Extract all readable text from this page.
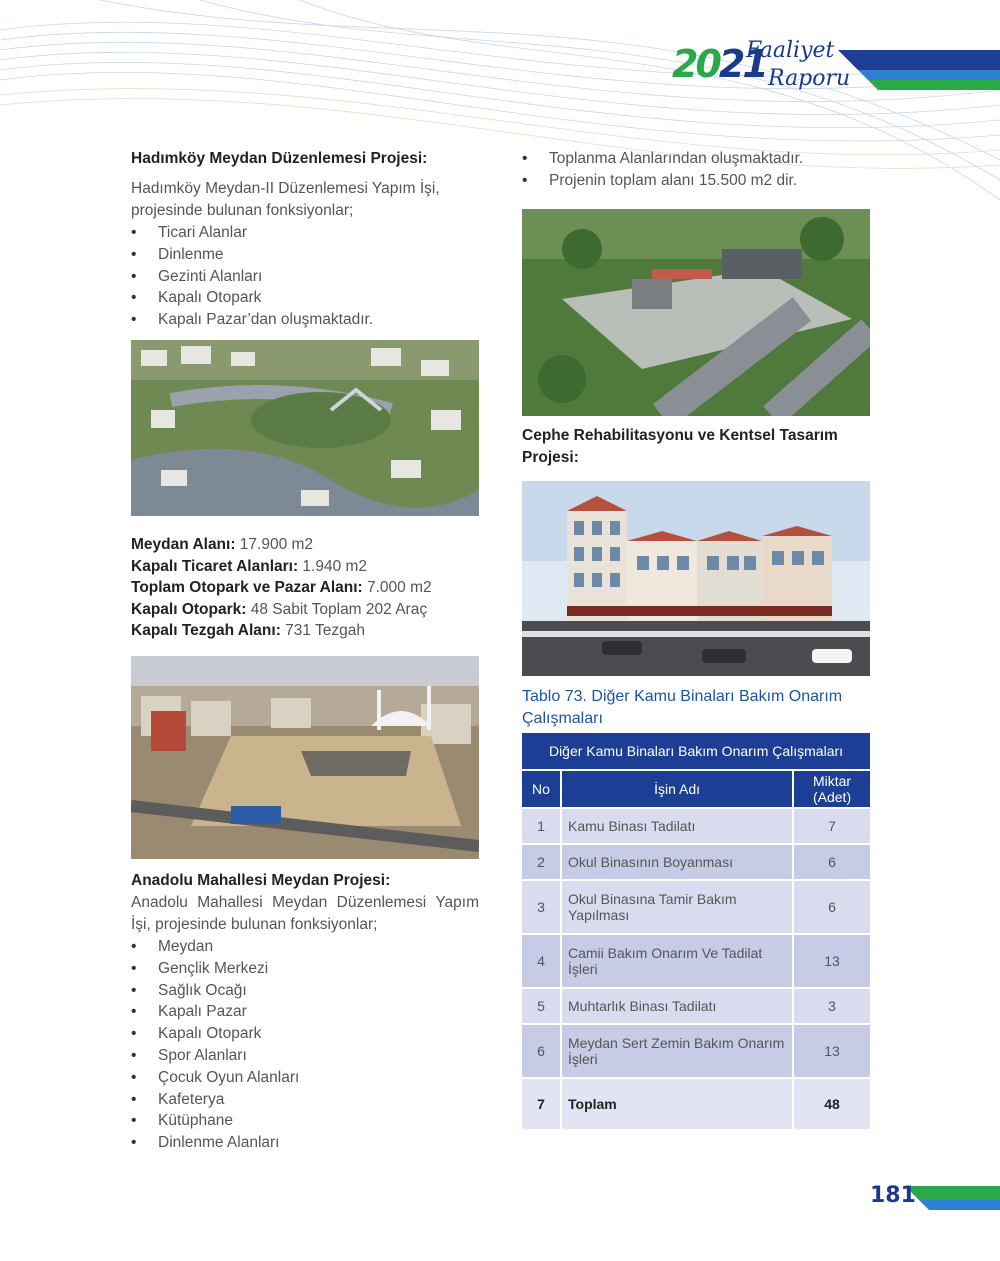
2021
Faaliyet
Raporu
Hadımköy Meydan Düzenlemesi Projesi:
Hadımköy Meydan-II Düzenlemesi Yapım İşi, projesinde bulunan fonksiyonlar;
• Ticari Alanlar
• Dinlenme
• Gezinti Alanları
• Kapalı Otopark
• Kapalı Pazar’dan oluşmaktadır.
Meydan Alanı: 17.900 m2
Kapalı Ticaret Alanları: 1.940 m2
Toplam Otopark ve Pazar Alanı: 7.000 m2
Kapalı Otopark: 48 Sabit Toplam 202 Araç
Kapalı Tezgah Alanı: 731 Tezgah
Anadolu Mahallesi Meydan Projesi:
Anadolu Mahallesi Meydan Düzenlemesi Yapım İşi, projesinde bulunan fonksiyonlar;
• Meydan
• Gençlik Merkezi
• Sağlık Ocağı
• Kapalı Pazar
• Kapalı Otopark
• Spor Alanları
• Çocuk Oyun Alanları
• Kafeterya
• Kütüphane
• Dinlenme Alanları
• Toplanma Alanlarından oluşmaktadır.
• Projenin toplam alanı 15.500 m2 dir.
Cephe Rehabilitasyonu ve Kentsel Tasarım Projesi:
Tablo 73. Diğer Kamu Binaları Bakım Onarım Çalışmaları
Diğer Kamu Binaları Bakım Onarım Çalışmaları		
No	İşin Adı	Miktar (Adet)
1	Kamu Binası Tadilatı	7
2	Okul Binasının Boyanması	6
3	Okul Binasına Tamir Bakım Yapılması	6
4	Camii Bakım Onarım Ve Tadilat İşleri	13
5	Muhtarlık Binası Tadilatı	3
6	Meydan Sert Zemin Bakım Onarım İşleri	13
7	Toplam	48
181
